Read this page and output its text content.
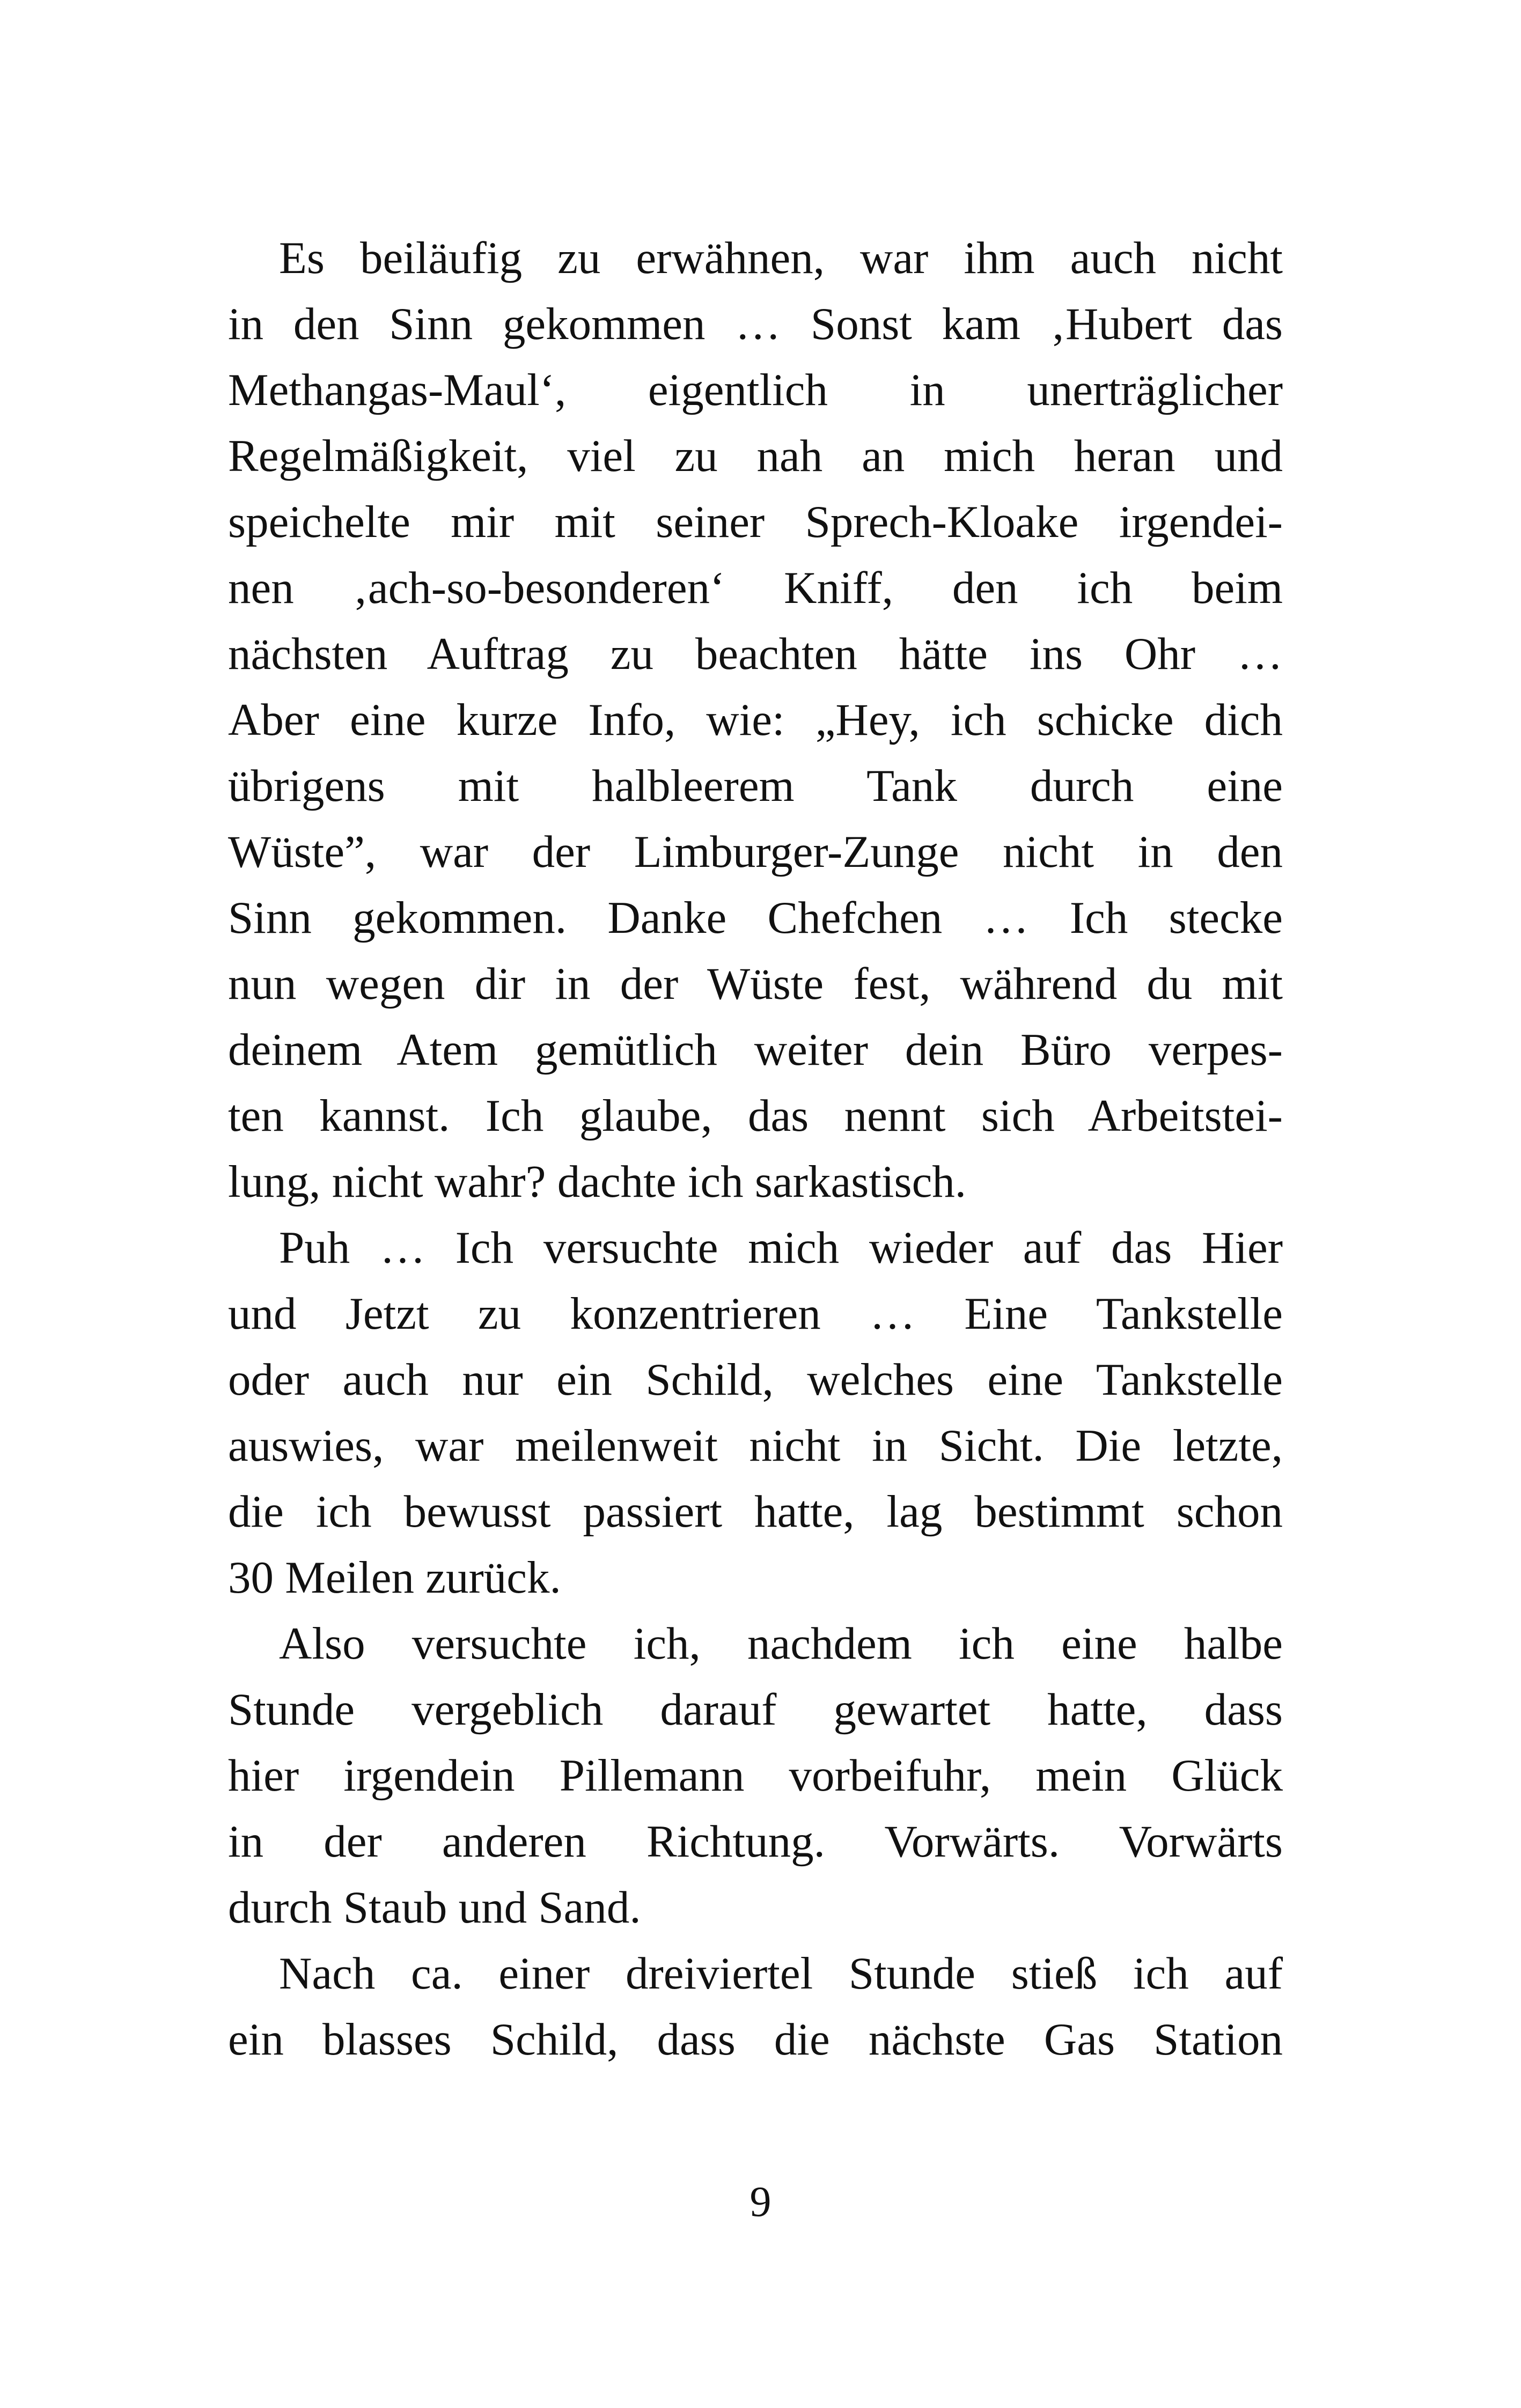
Es beiläufig zu erwähnen, war ihm auch nicht
in den Sinn gekommen … Sonst kam ‚Hubert das
Methangas-Maul‘, eigentlich in unerträglicher
Regelmäßigkeit, viel zu nah an mich heran und
speichelte mir mit seiner Sprech-Kloake irgendei-
nen ‚ach-so-besonderen‘ Kniff, den ich beim
nächsten Auftrag zu beachten hätte ins Ohr …
Aber eine kurze Info, wie: „Hey, ich schicke dich
übrigens mit halbleerem Tank durch eine
Wüste”, war der Limburger-Zunge nicht in den
Sinn gekommen. Danke Chefchen … Ich stecke
nun wegen dir in der Wüste fest, während du mit
deinem Atem gemütlich weiter dein Büro verpes-
ten kannst. Ich glaube, das nennt sich Arbeitstei-
lung, nicht wahr? dachte ich sarkastisch.
Puh … Ich versuchte mich wieder auf das Hier
und Jetzt zu konzentrieren … Eine Tankstelle
oder auch nur ein Schild, welches eine Tankstelle
auswies, war meilenweit nicht in Sicht. Die letzte,
die ich bewusst passiert hatte, lag bestimmt schon
30 Meilen zurück.
Also versuchte ich, nachdem ich eine halbe
Stunde vergeblich darauf gewartet hatte, dass
hier irgendein Pillemann vorbeifuhr, mein Glück
in der anderen Richtung. Vorwärts. Vorwärts
durch Staub und Sand.
Nach ca. einer dreiviertel Stunde stieß ich auf
ein blasses Schild, dass die nächste Gas Station
9
